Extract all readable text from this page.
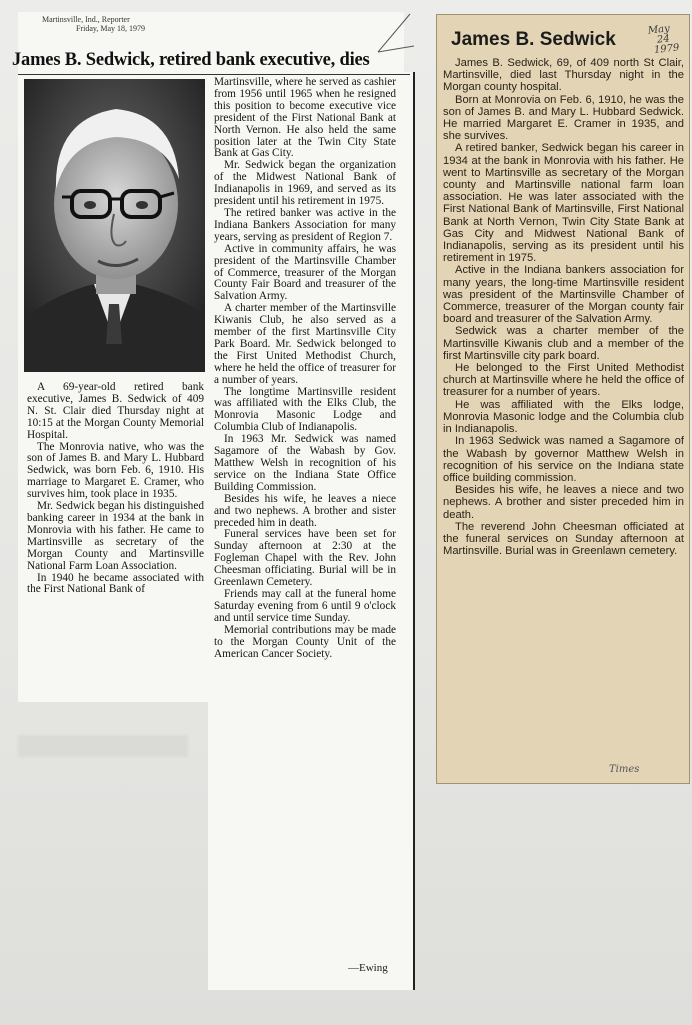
Martinsville, Ind., Reporter
Friday, May 18, 1979
James B. Sedwick, retired bank executive, dies

A 69-year-old retired bank executive, James B. Sedwick of 409 N. St. Clair died Thursday night at 10:15 at the Morgan County Memorial Hospital.

The Monrovia native, who was the son of James B. and Mary L. Hubbard Sedwick, was born Feb. 6, 1910. His marriage to Margaret E. Cramer, who survives him, took place in 1935.

Mr. Sedwick began his distinguished banking career in 1934 at the bank in Monrovia with his father. He came to Martinsville as secretary of the Morgan County and Martinsville National Farm Loan Association.

In 1940 he became associated with the First National Bank of

Martinsville, where he served as cashier from 1956 until 1965 when he resigned this position to become executive vice president of the First National Bank at North Vernon. He also held the same position later at the Twin City State Bank at Gas City.

Mr. Sedwick began the organization of the Midwest National Bank of Indianapolis in 1969, and served as its president until his retirement in 1975.

The retired banker was active in the Indiana Bankers Association for many years, serving as president of Region 7.

Active in community affairs, he was president of the Martinsville Chamber of Commerce, treasurer of the Morgan County Fair Board and treasurer of the Salvation Army.

A charter member of the Martinsville Kiwanis Club, he also served as a member of the first Martinsville City Park Board. Mr. Sedwick belonged to the First United Methodist Church, where he held the office of treasurer for a number of years.

The longtime Martinsville resident was affiliated with the Elks Club, the Monrovia Masonic Lodge and Columbia Club of Indianapolis.

In 1963 Mr. Sedwick was named Sagamore of the Wabash by Gov. Matthew Welsh in recognition of his service on the Indiana State Office Building Commission.

Besides his wife, he leaves a niece and two nephews. A brother and sister preceded him in death.

Funeral services have been set for Sunday afternoon at 2:30 at the Fogleman Chapel with the Rev. John Cheesman officiating. Burial will be in Greenlawn Cemetery.

Friends may call at the funeral home Saturday evening from 6 until 9 o'clock and until service time Sunday.

Memorial contributions may be made to the Morgan County Unit of the American Cancer Society.

—Ewing
James B. Sedwick	May
24
1979

James B. Sedwick, 69, of 409 north St Clair, Martinsville, died last Thursday night in the Morgan county hospital.

Born at Monrovia on Feb. 6, 1910, he was the son of James B. and Mary L. Hubbard Sedwick. He married Margaret E. Cramer in 1935, and she survives.

A retired banker, Sedwick began his career in 1934 at the bank in Monrovia with his father. He went to Martinsville as secretary of the Morgan county and Martinsville national farm loan association. He was later associated with the First National Bank of Martinsville, First National Bank at North Vernon, Twin City State Bank at Gas City and Midwest National Bank of Indianapolis, serving as its president until his retirement in 1975.

Active in the Indiana bankers association for many years, the long-time Martinsville resident was president of the Martinsville Chamber of Commerce, treasurer of the Morgan county fair board and treasurer of the Salvation Army.

Sedwick was a charter member of the Martinsville Kiwanis club and a member of the first Martinsville city park board.

He belonged to the First United Methodist church at Martinsville where he held the office of treasurer for a number of years.

He was affiliated with the Elks lodge, Monrovia Masonic lodge and the Columbia club in Indianapolis.

In 1963 Sedwick was named a Sagamore of the Wabash by governor Matthew Welsh in recognition of his service on the Indiana state office building commission.

Besides his wife, he leaves a niece and two nephews. A brother and sister preceded him in death.

The reverend John Cheesman officiated at the funeral services on Sunday afternoon at Martinsville. Burial was in Greenlawn cemetery.

Times
